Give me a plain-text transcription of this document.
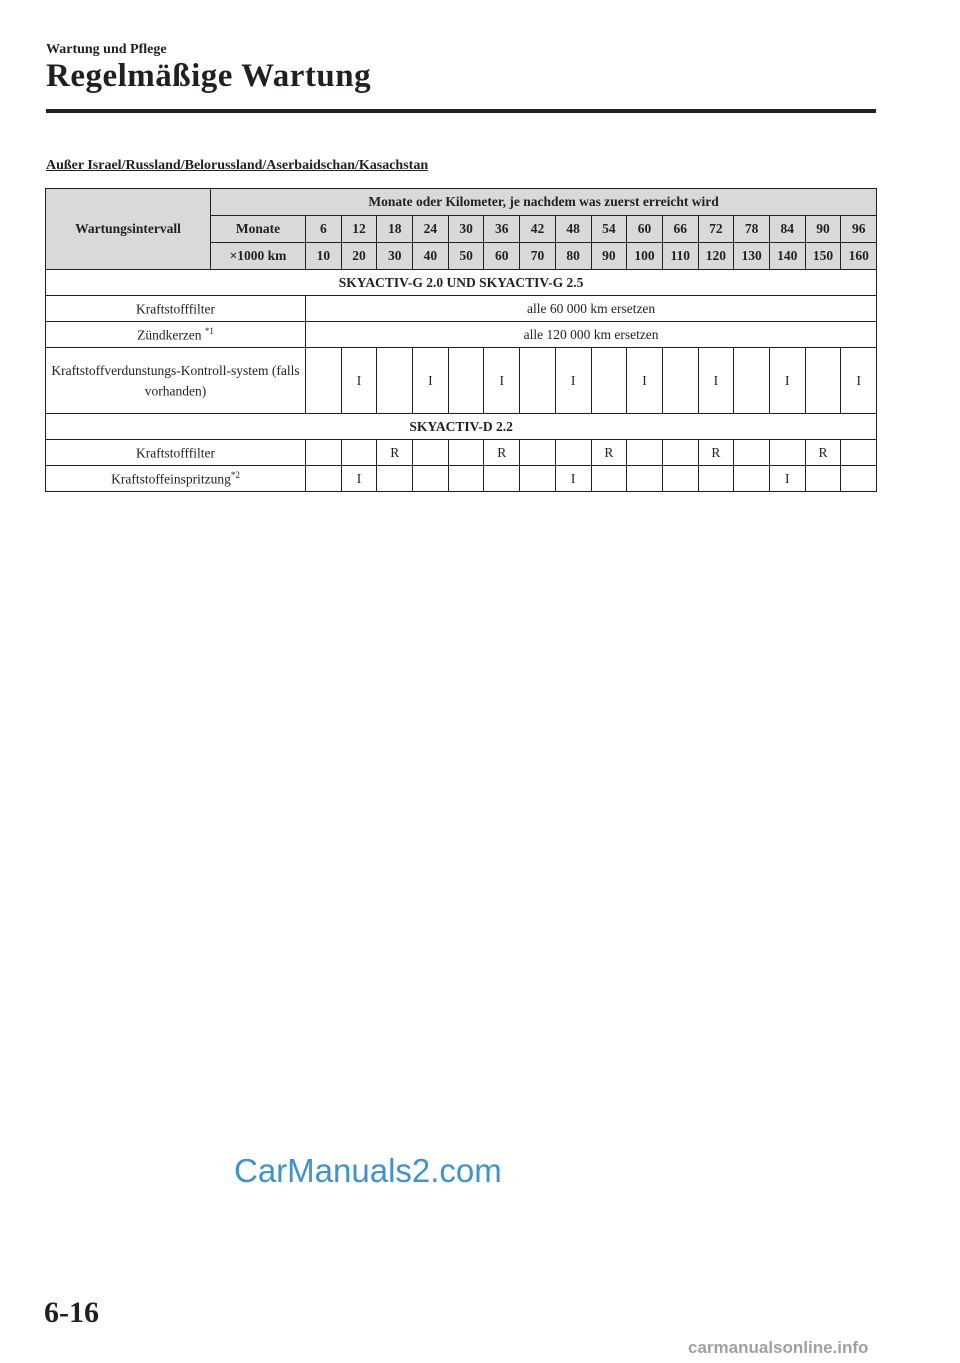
Wartung und Pflege
Regelmäßige Wartung
Außer Israel/Russland/Belorussland/Aserbaidschan/Kasachstan
Wartungsintervall	Monate oder Kilometer, je nachdem was zuerst erreicht wird																
	Monate	6	12	18	24	30	36	42	48	54	60	66	72	78	84	90	96
	×1000 km	10	20	30	40	50	60	70	80	90	100	110	120	130	140	150	160
SKYACTIV-G 2.0 UND SKYACTIV-G 2.5																	
Kraftstofffilter		alle 60 000 km ersetzen															
Zündkerzen $^{*1}$		alle 120 000 km ersetzen															
Kraftstoffverdunstungs-Kontroll-system (falls vorhanden)			I		I		I		I		I		I		I		I
SKYACTIV-D 2.2																	
Kraftstofffilter				R			R			R			R			R	
Kraftstoffeinspritzung$^{*2}$			I						I						I		
CarManuals2.com
6-16
carmanualsonline.info
